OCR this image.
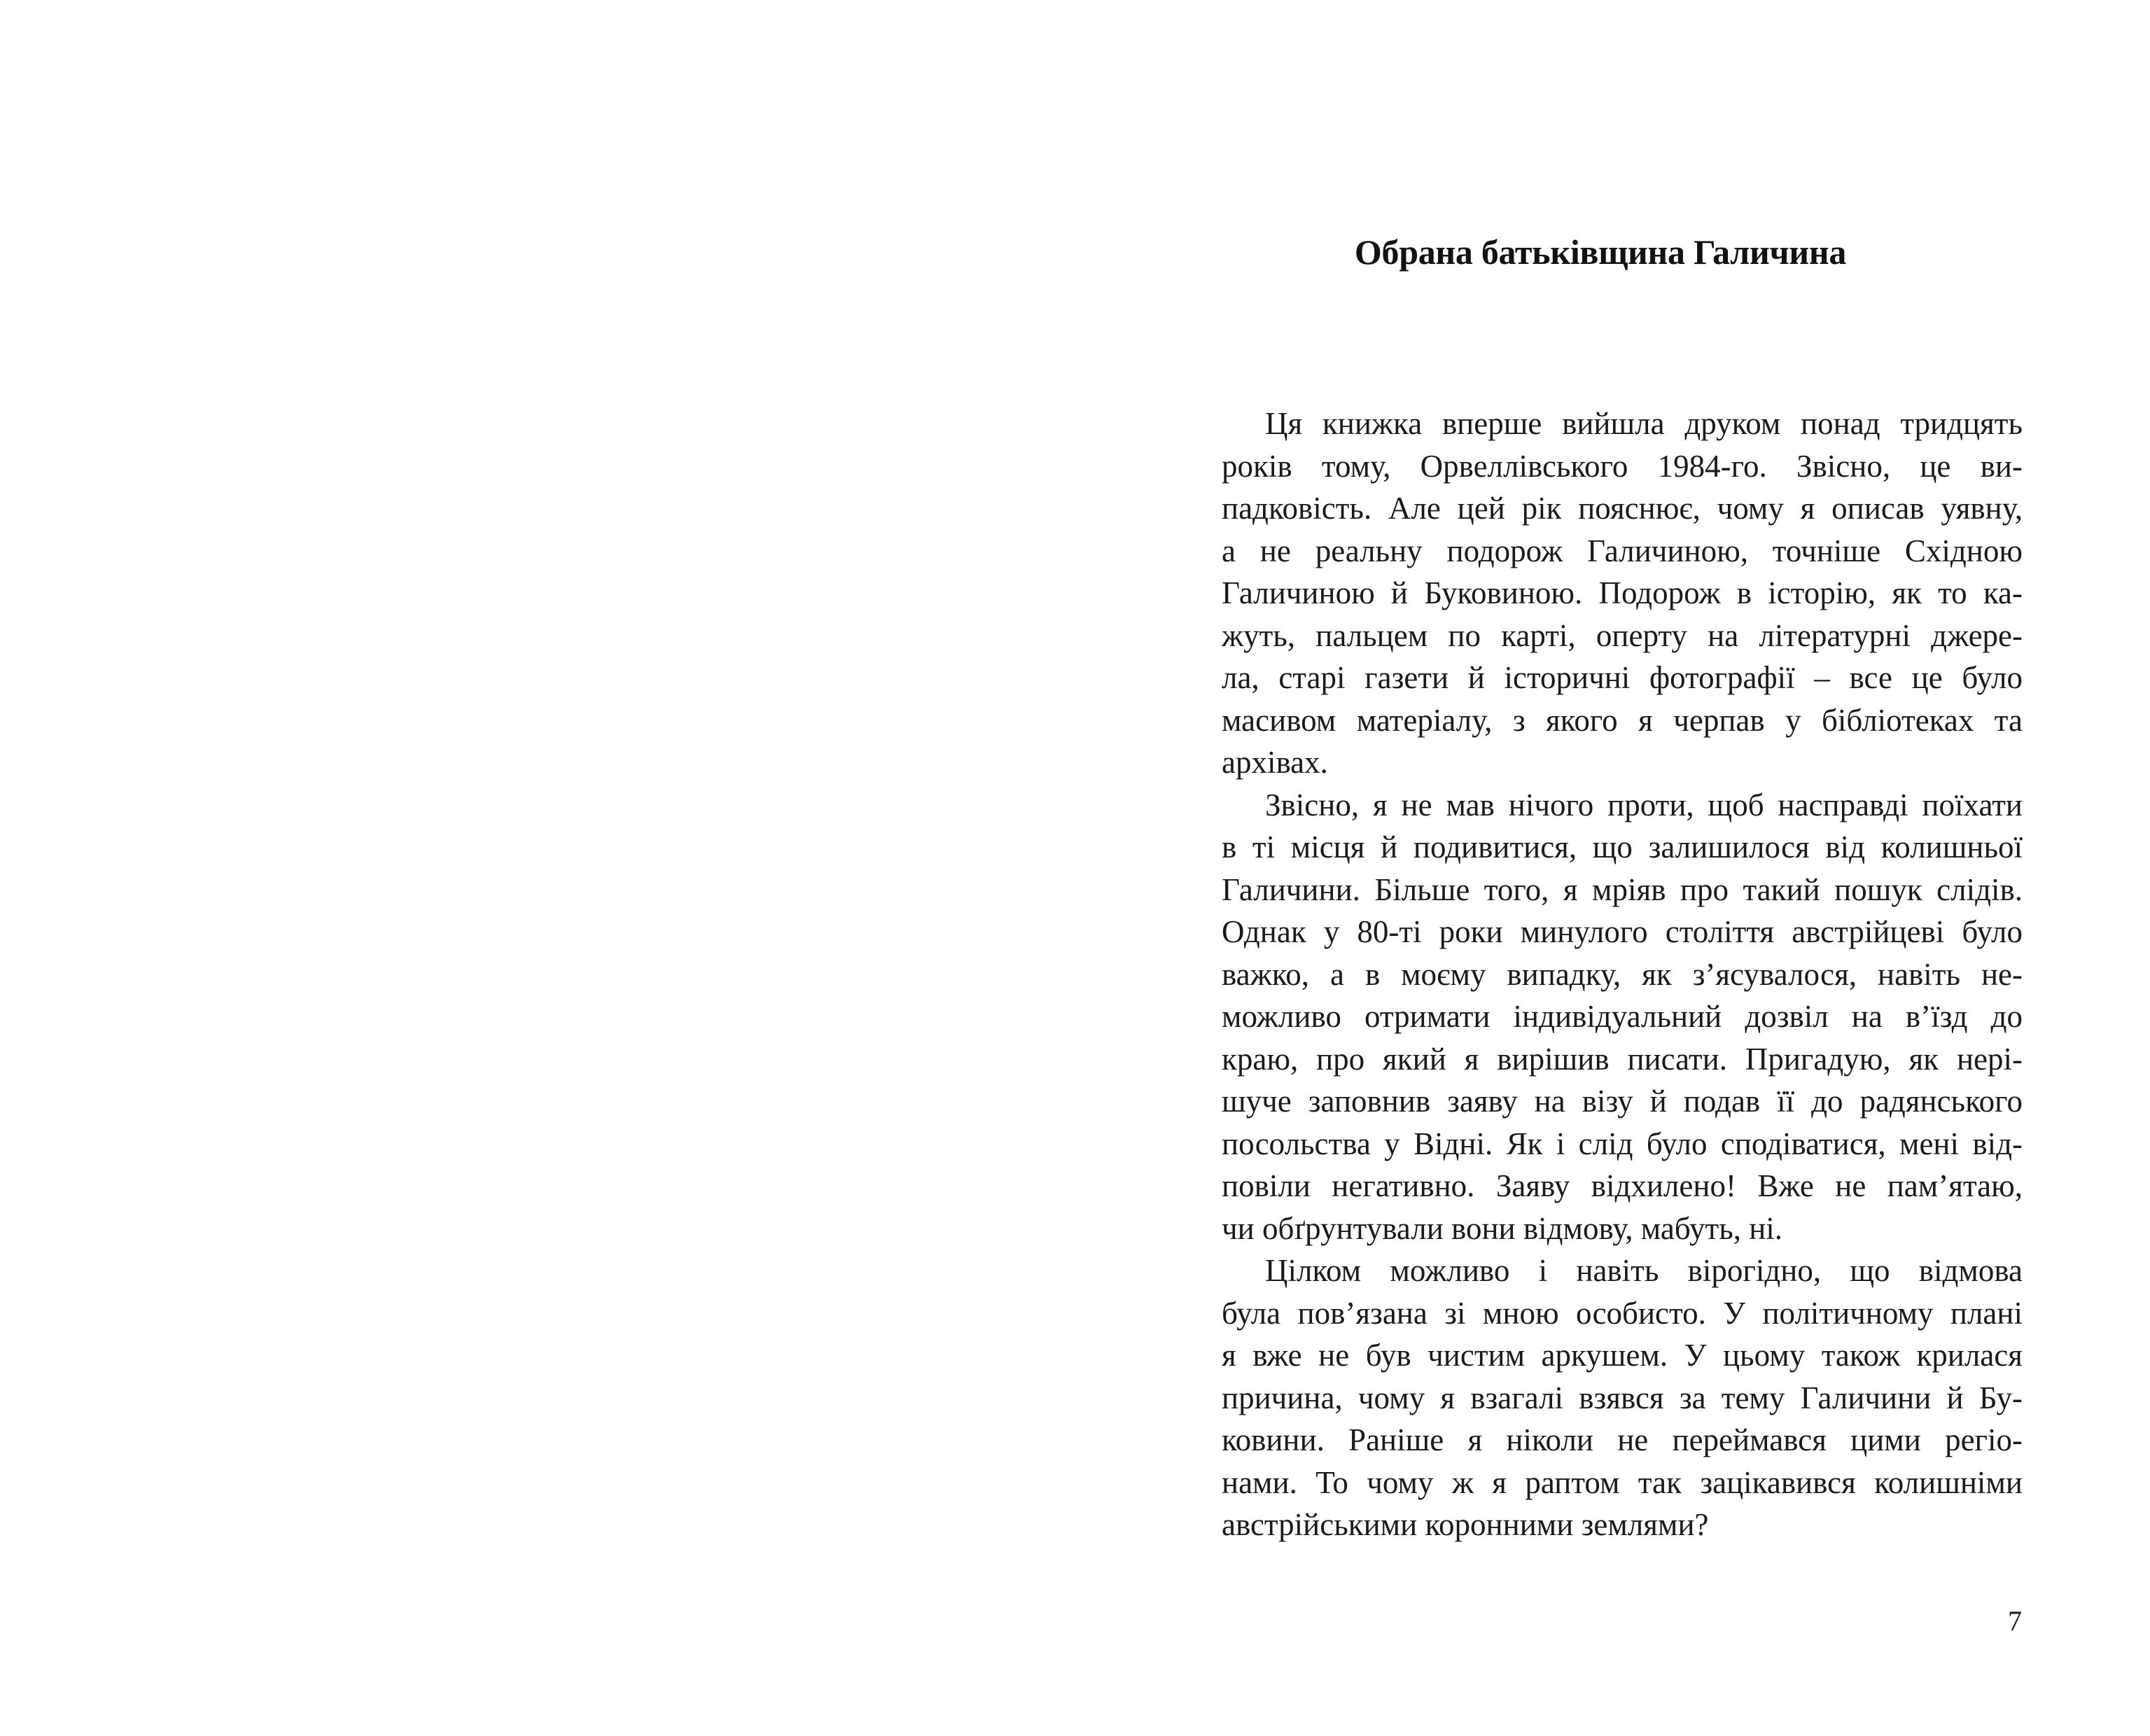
Обрана батьківщина Галичина

Ця книжка вперше вийшла друком понад тридцять
років тому, Орвеллівського 1984-го. Звісно, це ви-
падковість. Але цей рік пояснює, чому я описав уявну,
а не реальну подорож Галичиною, точніше Східною
Галичиною й Буковиною. Подорож в історію, як то ка-
жуть, пальцем по карті, оперту на літературні джере-
ла, старі газети й історичні фотографії – все це було
масивом матеріалу, з якого я черпав у бібліотеках та
архівах.

Звісно, я не мав нічого проти, щоб насправді поїхати
в ті місця й подивитися, що залишилося від колишньої
Галичини. Більше того, я мріяв про такий пошук слідів.
Однак у 80-ті роки минулого століття австрійцеві було
важко, а в моєму випадку, як з’ясувалося, навіть не-
можливо отримати індивідуальний дозвіл на в’їзд до
краю, про який я вирішив писати. Пригадую, як нері-
шуче заповнив заяву на візу й подав її до радянського
посольства у Відні. Як і слід було сподіватися, мені від-
повіли негативно. Заяву відхилено! Вже не пам’ятаю,
чи обґрунтували вони відмову, мабуть, ні.

Цілком можливо і навіть вірогідно, що відмова
була пов’язана зі мною особисто. У політичному плані
я вже не був чистим аркушем. У цьому також крилася
причина, чому я взагалі взявся за тему Галичини й Бу-
ковини. Раніше я ніколи не переймався цими регіо-
нами. То чому ж я раптом так зацікавився колишніми
австрійськими коронними землями?

7
